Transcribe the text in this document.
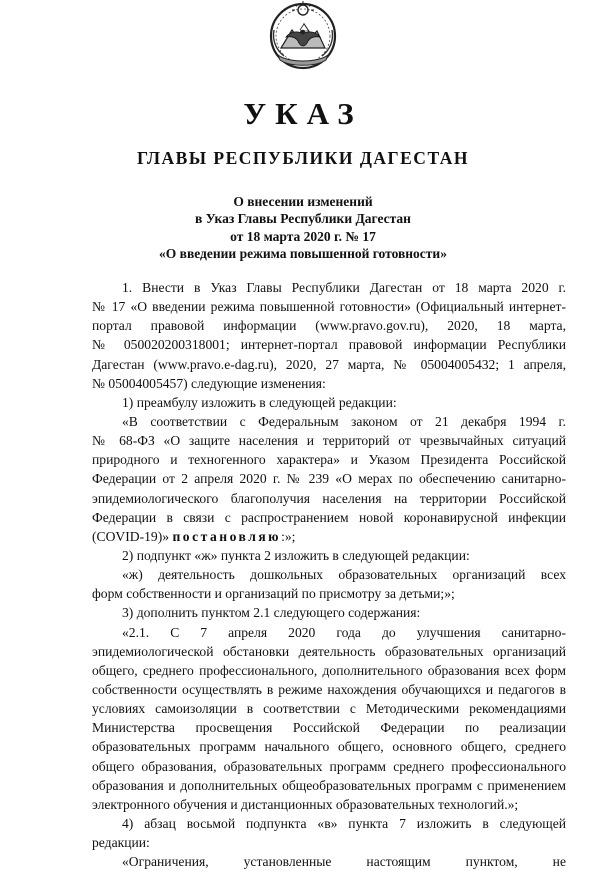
УКАЗ
ГЛАВЫ РЕСПУБЛИКИ ДАГЕСТАН
О внесении изменений
в Указ Главы Республики Дагестан
от 18 марта 2020 г. № 17
«О введении режима повышенной готовности»
1. Внести в Указ Главы Республики Дагестан от 18 марта 2020 г.
№ 17 «О введении режима повышенной готовности» (Официальный интернет-
портал правовой информации (www.pravo.gov.ru), 2020, 18 марта,
№ 050020200318001; интернет-портал правовой информации Республики
Дагестан (www.pravo.e-dag.ru), 2020, 27 марта, № 05004005432; 1 апреля,
№ 05004005457) следующие изменения:
1) преамбулу изложить в следующей редакции:
«В соответствии с Федеральным законом от 21 декабря 1994 г.
№ 68-ФЗ «О защите населения и территорий от чрезвычайных ситуаций
природного и техногенного характера» и Указом Президента Российской
Федерации от 2 апреля 2020 г. № 239 «О мерах по обеспечению санитарно-
эпидемиологического благополучия населения на территории Российской
Федерации в связи с распространением новой коронавирусной инфекции
(COVID-19)» постановляю:»;
2) подпункт «ж» пункта 2 изложить в следующей редакции:
«ж) деятельность дошкольных образовательных организаций всех
форм собственности и организаций по присмотру за детьми;»;
3) дополнить пунктом 2.1 следующего содержания:
«2.1. С 7 апреля 2020 года до улучшения санитарно-
эпидемиологической обстановки деятельность образовательных организаций
общего, среднего профессионального, дополнительного образования всех форм
собственности осуществлять в режиме нахождения обучающихся и педагогов в
условиях самоизоляции в соответствии с Методическими рекомендациями
Министерства просвещения Российской Федерации по реализации
образовательных программ начального общего, основного общего, среднего
общего образования, образовательных программ среднего профессионального
образования и дополнительных общеобразовательных программ с применением
электронного обучения и дистанционных образовательных технологий.»;
4) абзац восьмой подпункта «в» пункта 7 изложить в следующей
редакции:
«Ограничения, установленные настоящим пунктом, не
